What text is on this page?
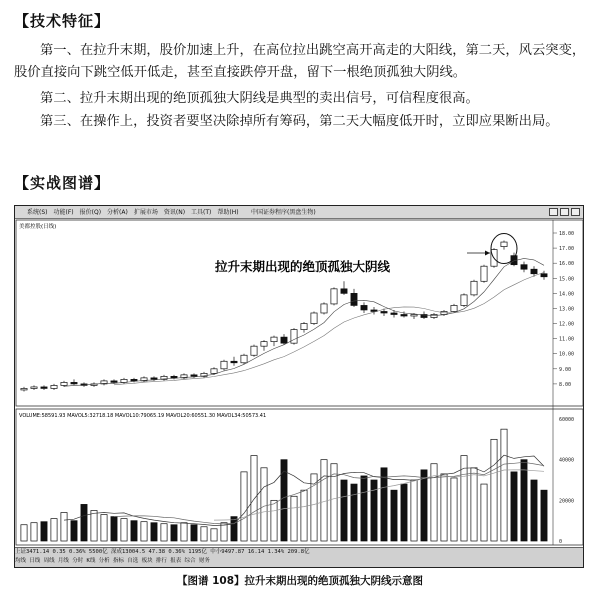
【技术特征】

第一、在拉升末期，股价加速上升，在高位拉出跳空高开高走的大阳线，第二天，风云突变，股价直接向下跳空低开低走，甚至直接跌停开盘，留下一根绝顶孤独大阴线。

第二、拉升末期出现的绝顶孤独大阴线是典型的卖出信号，可信程度很高。

第三、在操作上，投资者要坚决除掉所有筹码，第二天大幅度低开时，立即应果断出局。

【实战图谱】
系统(S) 功能(F) 报价(Q) 分析(A) 扩展市场 资讯(N) 工具(T) 帮助(H) 中国证券程序(黑盘生物)
美都控股(日线)
VOLUME:58591.93 MAVOL5:32718.18 MAVOL10:79065.19 MAVOL20:60551.30 MAVOL34:50573.41
8.00
9.00
10.00
11.00
12.00
13.00
14.00
15.00
16.00
17.00
18.00
0
20000
40000
60000
拉升末期出现的绝顶孤独大阴线
上证3471.14 0.35 0.36% 5500亿 深成13004.5 47.38 0.36% 1195亿 中小9497.87 16.14 1.34% 209.8亿
均线 日线 周线 月线 分时 K线 分析 指标 自选 板块 排行 报表 综合 财务
【图谱 108】拉升末期出现的绝顶孤独大阴线示意图
